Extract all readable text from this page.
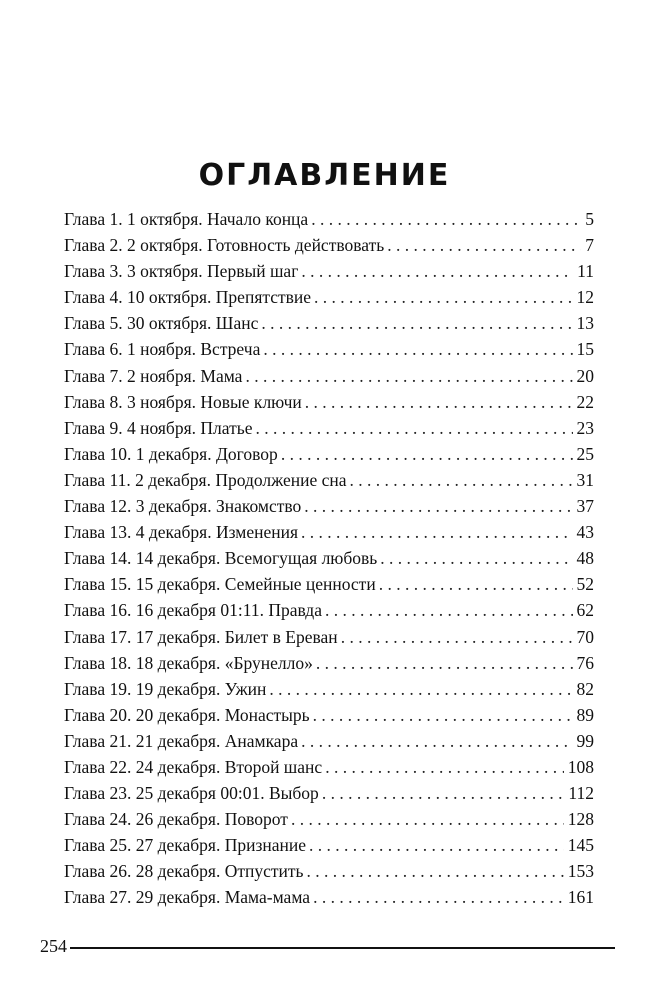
ОГЛАВЛЕНИЕ
Глава 1. 1 октября. Начало конца . . .	5
Глава 2. 2 октября. Готовность действовать . . .	7
Глава 3. 3 октября. Первый шаг . . .	11
Глава 4. 10 октября. Препятствие . . .	12
Глава 5. 30 октября. Шанс . . .	13
Глава 6. 1 ноября. Встреча . . .	15
Глава 7. 2 ноября. Мама . . .	20
Глава 8. 3 ноября. Новые ключи . . .	22
Глава 9. 4 ноября. Платье . . .	23
Глава 10. 1 декабря. Договор . . .	25
Глава 11. 2 декабря. Продолжение сна . . .	31
Глава 12. 3 декабря. Знакомство . . .	37
Глава 13. 4 декабря. Изменения . . .	43
Глава 14. 14 декабря. Всемогущая любовь . . .	48
Глава 15. 15 декабря. Семейные ценности . . .	52
Глава 16. 16 декабря 01:11. Правда . . .	62
Глава 17. 17 декабря. Билет в Ереван . . .	70
Глава 18. 18 декабря. «Брунелло» . . .	76
Глава 19. 19 декабря. Ужин . . .	82
Глава 20. 20 декабря. Монастырь . . .	89
Глава 21. 21 декабря. Анамкара . . .	99
Глава 22. 24 декабря. Второй шанс . . .	108
Глава 23. 25 декабря 00:01. Выбор . . .	112
Глава 24. 26 декабря. Поворот . . .	128
Глава 25. 27 декабря. Признание . . .	145
Глава 26. 28 декабря. Отпустить . . .	153
Глава 27. 29 декабря. Мама-мама . . .	161
254
